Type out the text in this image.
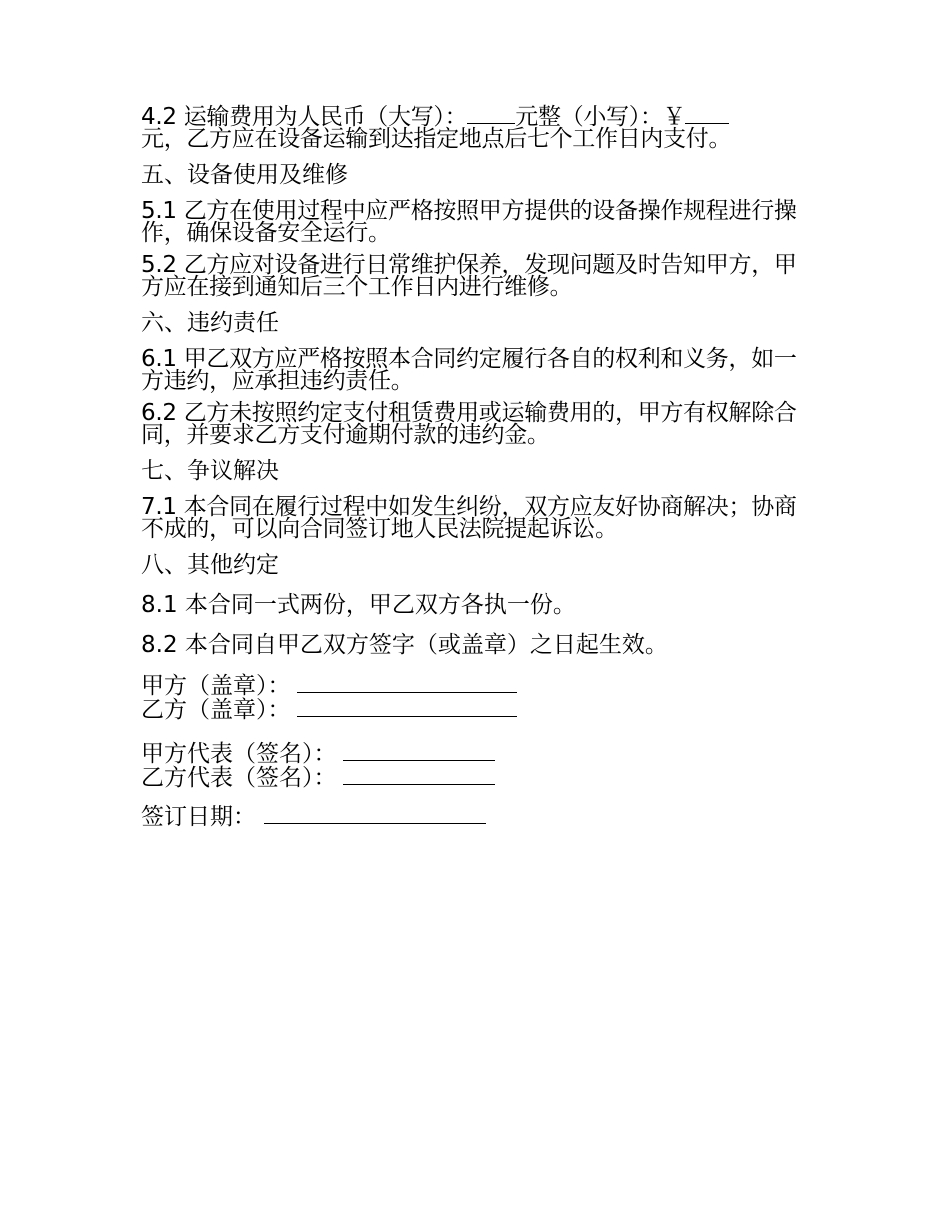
4.2 运输费用为人民币（大写）： 元整（小写）：￥
元，乙方应在设备运输到达指定地点后七个工作日内支付。

五、设备使用及维修

5.1 乙方在使用过程中应严格按照甲方提供的设备操作规程进行操作，确保设备安全运行。

5.2 乙方应对设备进行日常维护保养，发现问题及时告知甲方，甲方应在接到通知后三个工作日内进行维修。

六、违约责任

6.1 甲乙双方应严格按照本合同约定履行各自的权利和义务，如一方违约，应承担违约责任。

6.2 乙方未按照约定支付租赁费用或运输费用的，甲方有权解除合同，并要求乙方支付逾期付款的违约金。

七、争议解决

7.1 本合同在履行过程中如发生纠纷，双方应友好协商解决；协商不成的，可以向合同签订地人民法院提起诉讼。

八、其他约定

8.1 本合同一式两份，甲乙双方各执一份。

8.2 本合同自甲乙双方签字（或盖章）之日起生效。

甲方（盖章）：
乙方（盖章）：
甲方代表（签名）：
乙方代表（签名）：
签订日期：
